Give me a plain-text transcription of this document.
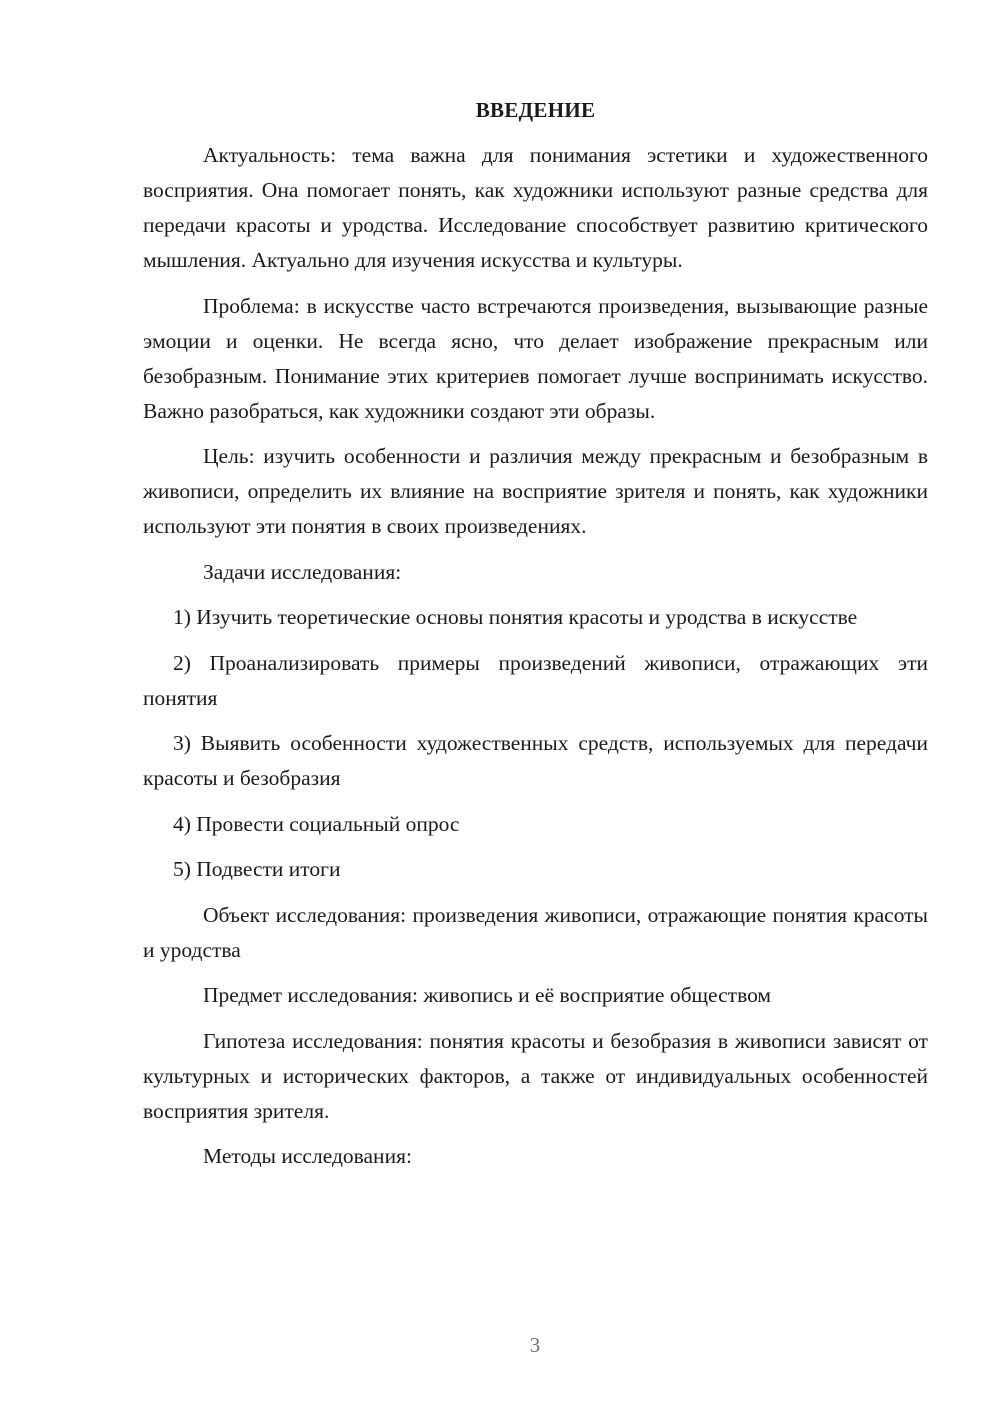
ВВЕДЕНИЕ

Актуальность: тема важна для понимания эстетики и художественного восприятия. Она помогает понять, как художники используют разные средства для передачи красоты и уродства. Исследование способствует развитию критического мышления. Актуально для изучения искусства и культуры.

Проблема: в искусстве часто встречаются произведения, вызывающие разные эмоции и оценки. Не всегда ясно, что делает изображение прекрасным или безобразным. Понимание этих критериев помогает лучше воспринимать искусство. Важно разобраться, как художники создают эти образы.

Цель: изучить особенности и различия между прекрасным и безобразным в живописи, определить их влияние на восприятие зрителя и понять, как художники используют эти понятия в своих произведениях.

Задачи исследования:

1) Изучить теоретические основы понятия красоты и уродства в искусстве

2) Проанализировать примеры произведений живописи, отражающих эти понятия

3) Выявить особенности художественных средств, используемых для передачи красоты и безобразия

4) Провести социальный опрос

5) Подвести итоги

Объект исследования: произведения живописи, отражающие понятия красоты и уродства

Предмет исследования: живопись и её восприятие обществом

Гипотеза исследования: понятия красоты и безобразия в живописи зависят от культурных и исторических факторов, а также от индивидуальных особенностей восприятия зрителя.

Методы исследования:

3
